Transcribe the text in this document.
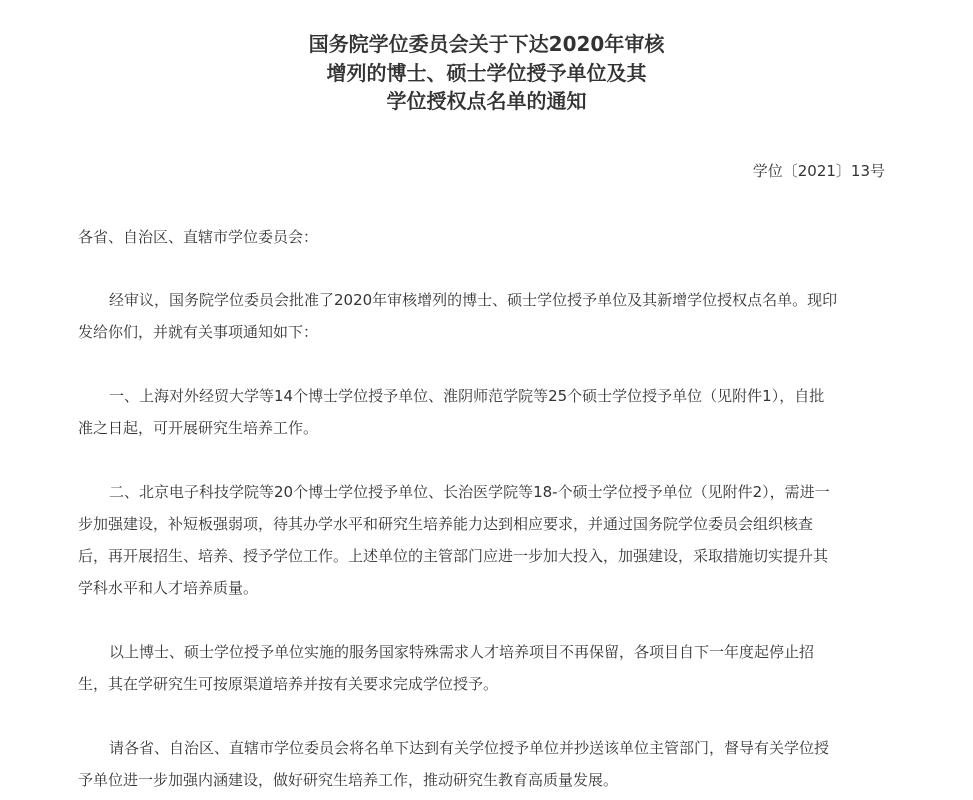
国务院学位委员会关于下达2020年审核
增列的博士、硕士学位授予单位及其
学位授权点名单的通知
学位〔2021〕13号
各省、自治区、直辖市学位委员会：
经审议，国务院学位委员会批准了2020年审核增列的博士、硕士学位授予单位及其新增学位授权点名单。现印
发给你们，并就有关事项通知如下：
一、上海对外经贸大学等14个博士学位授予单位、淮阴师范学院等25个硕士学位授予单位（见附件1），自批
准之日起，可开展研究生培养工作。
二、北京电子科技学院等20个博士学位授予单位、长治医学院等18-个硕士学位授予单位（见附件2），需进一
步加强建设，补短板强弱项，待其办学水平和研究生培养能力达到相应要求，并通过国务院学位委员会组织核查
后，再开展招生、培养、授予学位工作。上述单位的主管部门应进一步加大投入，加强建设，采取措施切实提升其
学科水平和人才培养质量。
以上博士、硕士学位授予单位实施的服务国家特殊需求人才培养项目不再保留，各项目自下一年度起停止招
生，其在学研究生可按原渠道培养并按有关要求完成学位授予。
请各省、自治区、直辖市学位委员会将名单下达到有关学位授予单位并抄送该单位主管部门，督导有关学位授
予单位进一步加强内涵建设，做好研究生培养工作，推动研究生教育高质量发展。
